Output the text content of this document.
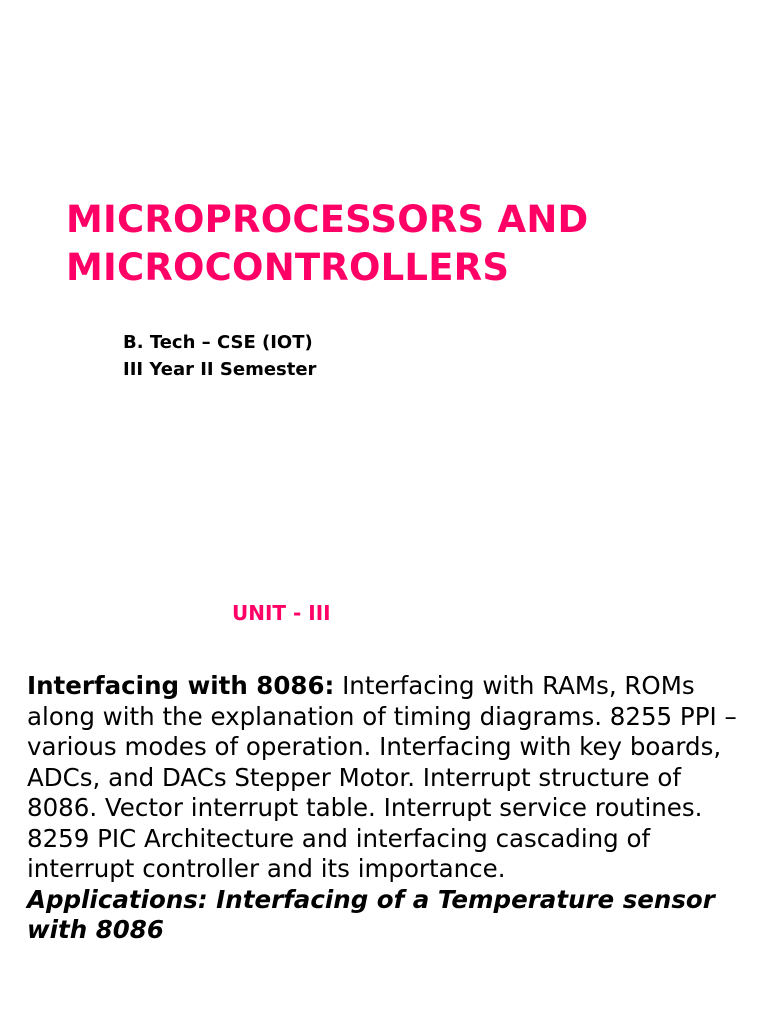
MICROPROCESSORS AND
MICROCONTROLLERS
B. Tech – CSE (IOT)
III Year II Semester
UNIT - III

Interfacing with 8086: Interfacing with RAMs, ROMs along with the explanation of timing diagrams. 8255 PPI – various modes of operation. Interfacing with key boards, ADCs, and DACs Stepper Motor. Interrupt structure of 8086. Vector interrupt table. Interrupt service routines. 8259 PIC Architecture and interfacing cascading of interrupt controller and its importance.
Applications: Interfacing of a Temperature sensor with 8086
